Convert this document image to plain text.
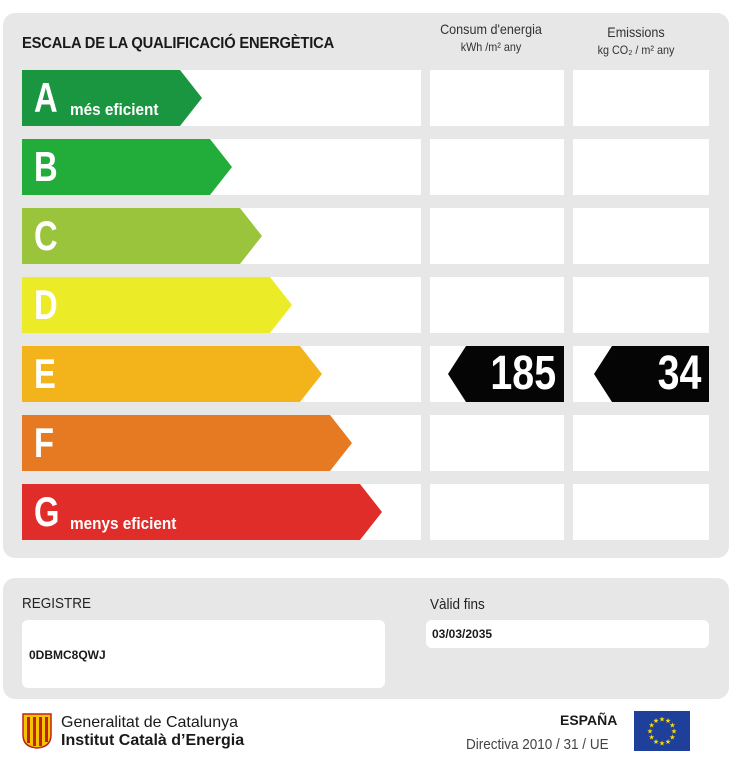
ESCALA DE LA QUALIFICACIÓ ENERGÈTICA
Consum d'energia
kWh /m² any
Emissions
kg CO₂ / m² any
A més eficient
B
C
D
E	185 34
F
G menys eficient
REGISTRE
0DBMC8QWJ
Vàlid fins
03/03/2035
Generalitat de Catalunya
Institut Català d’Energia
ESPAÑA
Directiva 2010 / 31 / UE
★ ★
★
★
★
★
★
★
★
★
★
★
